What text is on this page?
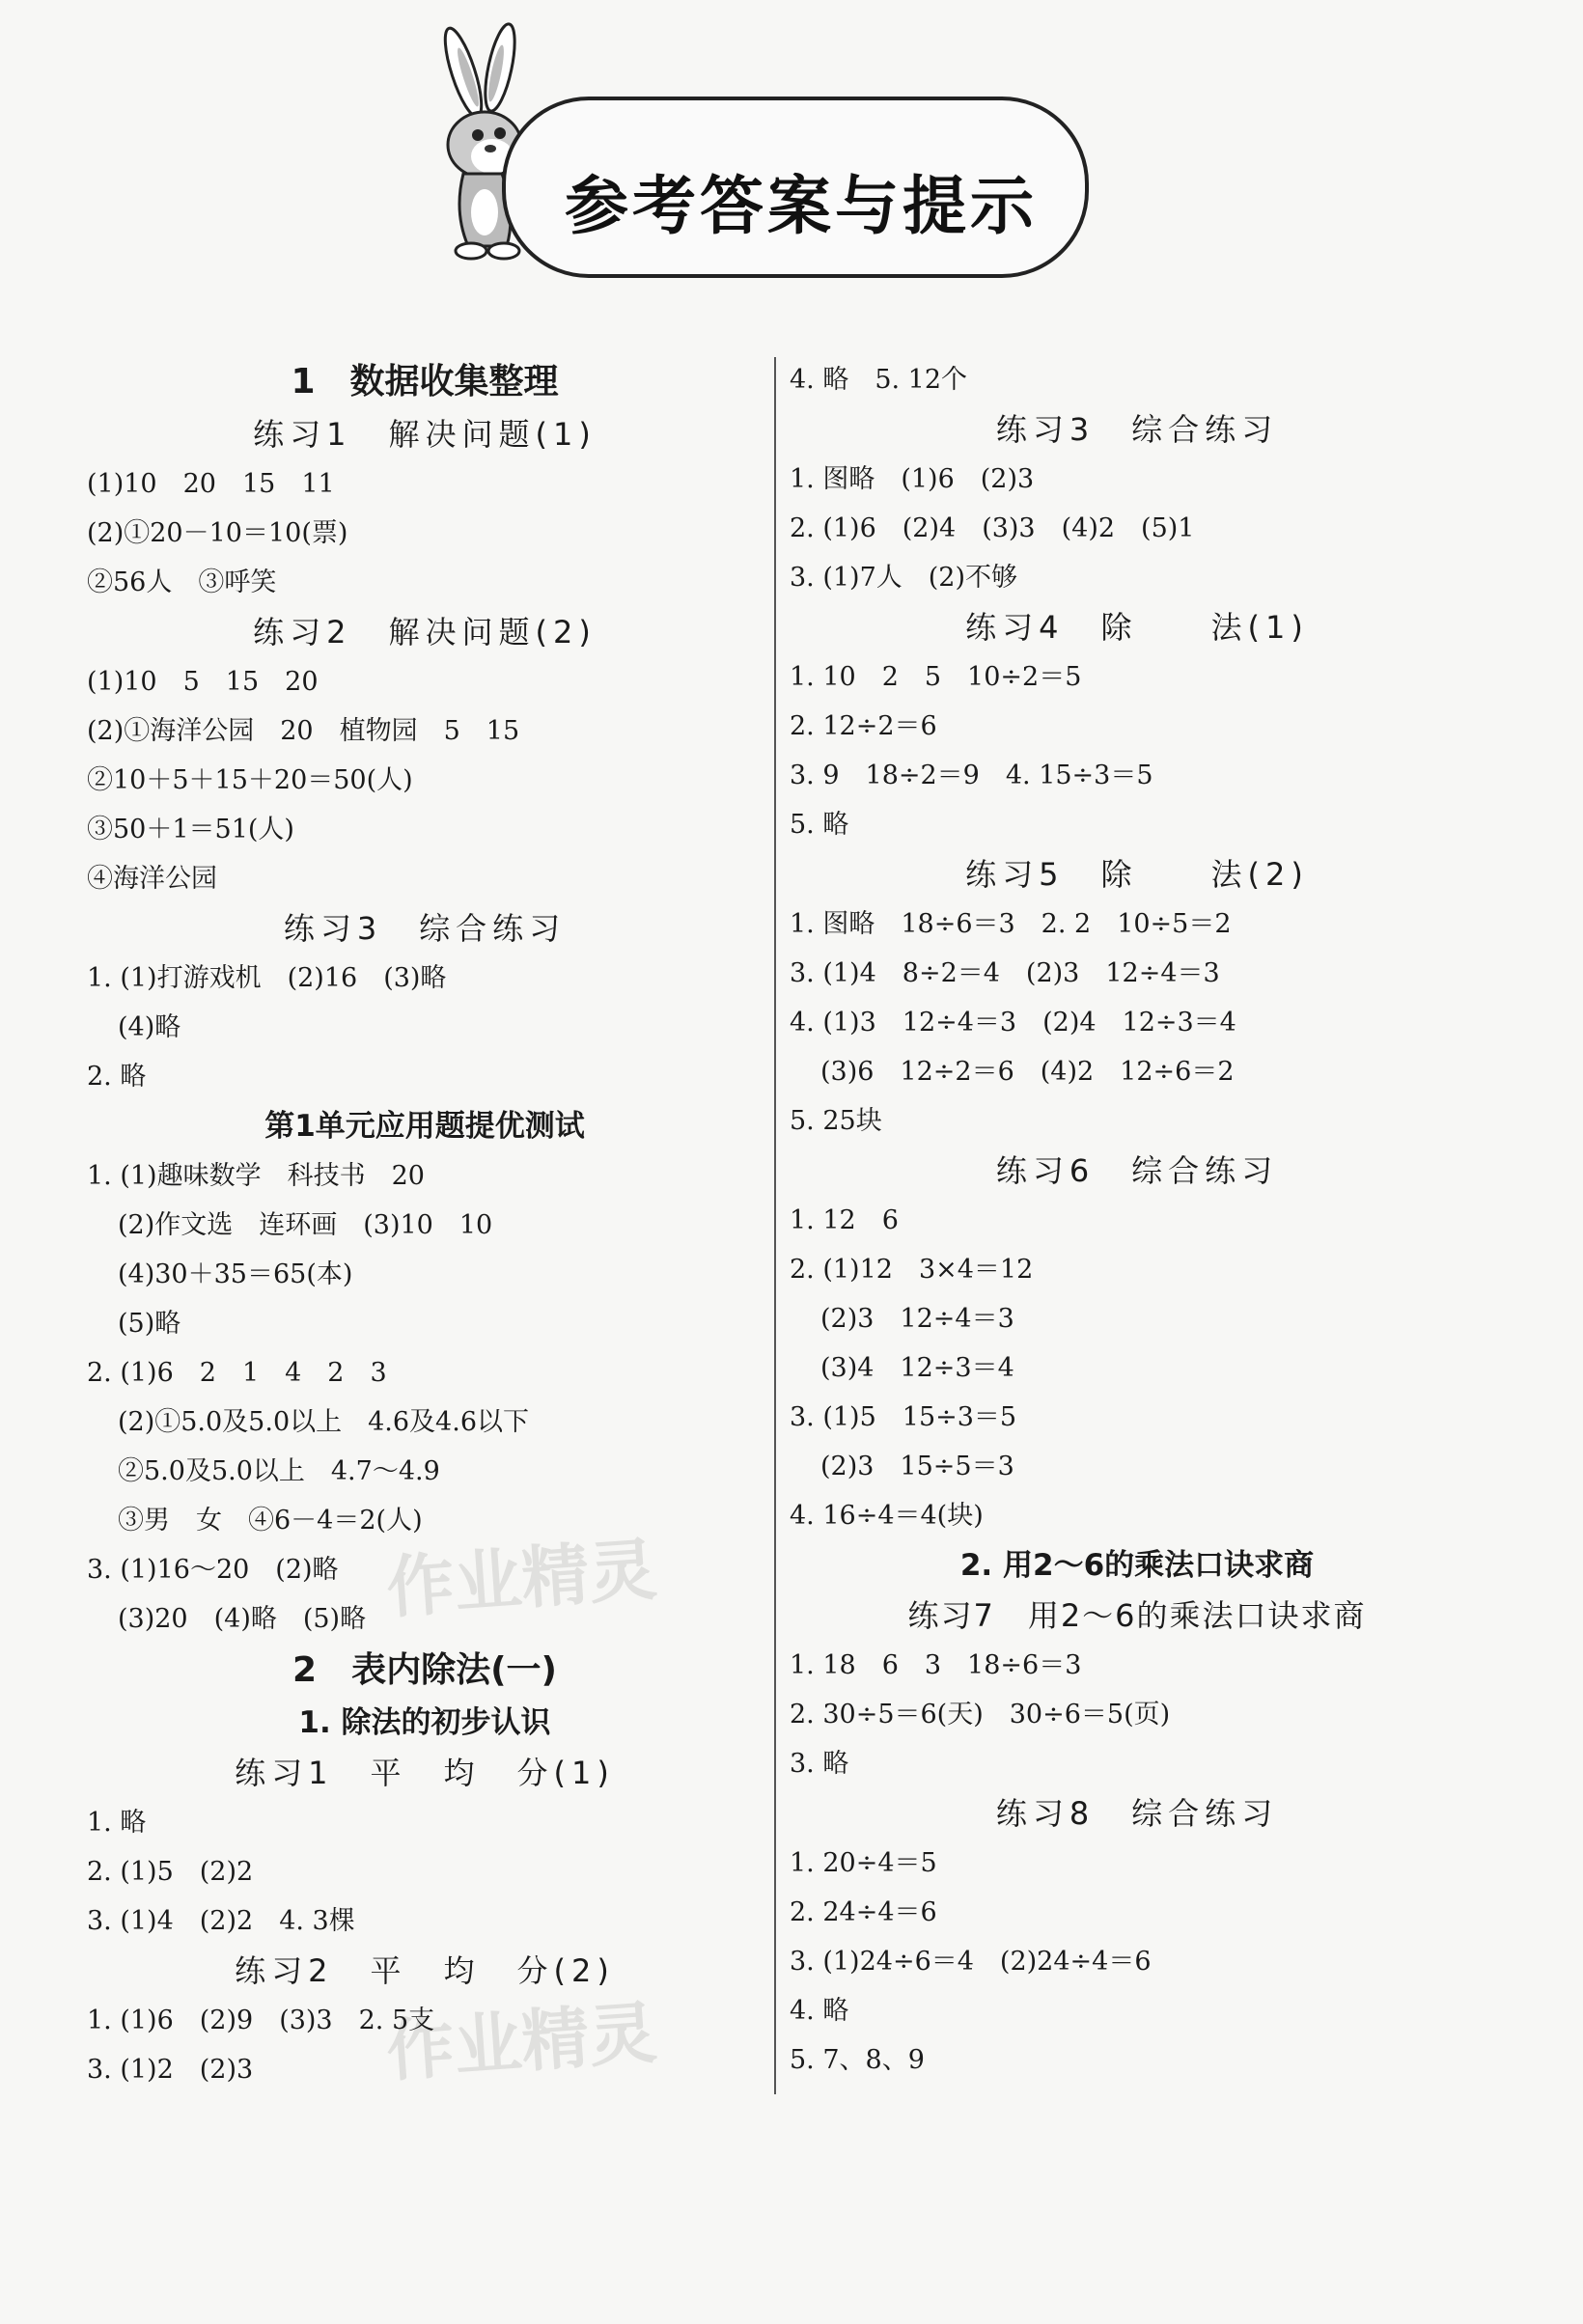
参考答案与提示
作业精灵
作业精灵
1　数据收集整理
练习1　解决问题(1)
(1)10　20　15　11
(2)①20－10＝10(票)
②56人　③呼笑
练习2　解决问题(2)
(1)10　5　15　20
(2)①海洋公园　20　植物园　5　15
②10＋5＋15＋20＝50(人)
③50＋1＝51(人)
④海洋公园
练习3　综合练习
1. (1)打游戏机　(2)16　(3)略
(4)略
2. 略
第1单元应用题提优测试
1. (1)趣味数学　科技书　20
(2)作文选　连环画　(3)10　10
(4)30＋35＝65(本)
(5)略
2. (1)6　2　1　4　2　3
(2)①5.0及5.0以上　4.6及4.6以下
②5.0及5.0以上　4.7～4.9
③男　女　④6－4＝2(人)
3. (1)16～20　(2)略
(3)20　(4)略　(5)略
2　表内除法(一)
1. 除法的初步认识
练习1　平　均　分(1)
1. 略
2. (1)5　(2)2
3. (1)4　(2)2　4. 3棵
练习2　平　均　分(2)
1. (1)6　(2)9　(3)3　2. 5支
3. (1)2　(2)3
4. 略　5. 12个
练习3　综合练习
1. 图略　(1)6　(2)3
2. (1)6　(2)4　(3)3　(4)2　(5)1
3. (1)7人　(2)不够
练习4　除　　法(1)
1. 10　2　5　10÷2＝5
2. 12÷2＝6
3. 9　18÷2＝9　4. 15÷3＝5
5. 略
练习5　除　　法(2)
1. 图略　18÷6＝3　2. 2　10÷5＝2
3. (1)4　8÷2＝4　(2)3　12÷4＝3
4. (1)3　12÷4＝3　(2)4　12÷3＝4
(3)6　12÷2＝6　(4)2　12÷6＝2
5. 25块
练习6　综合练习
1. 12　6
2. (1)12　3×4＝12
(2)3　12÷4＝3
(3)4　12÷3＝4
3. (1)5　15÷3＝5
(2)3　15÷5＝3
4. 16÷4＝4(块)
2. 用2～6的乘法口诀求商
练习7　用2～6的乘法口诀求商
1. 18　6　3　18÷6＝3
2. 30÷5＝6(天)　30÷6＝5(页)
3. 略
练习8　综合练习
1. 20÷4＝5
2. 24÷4＝6
3. (1)24÷6＝4　(2)24÷4＝6
4. 略
5. 7、8、9
